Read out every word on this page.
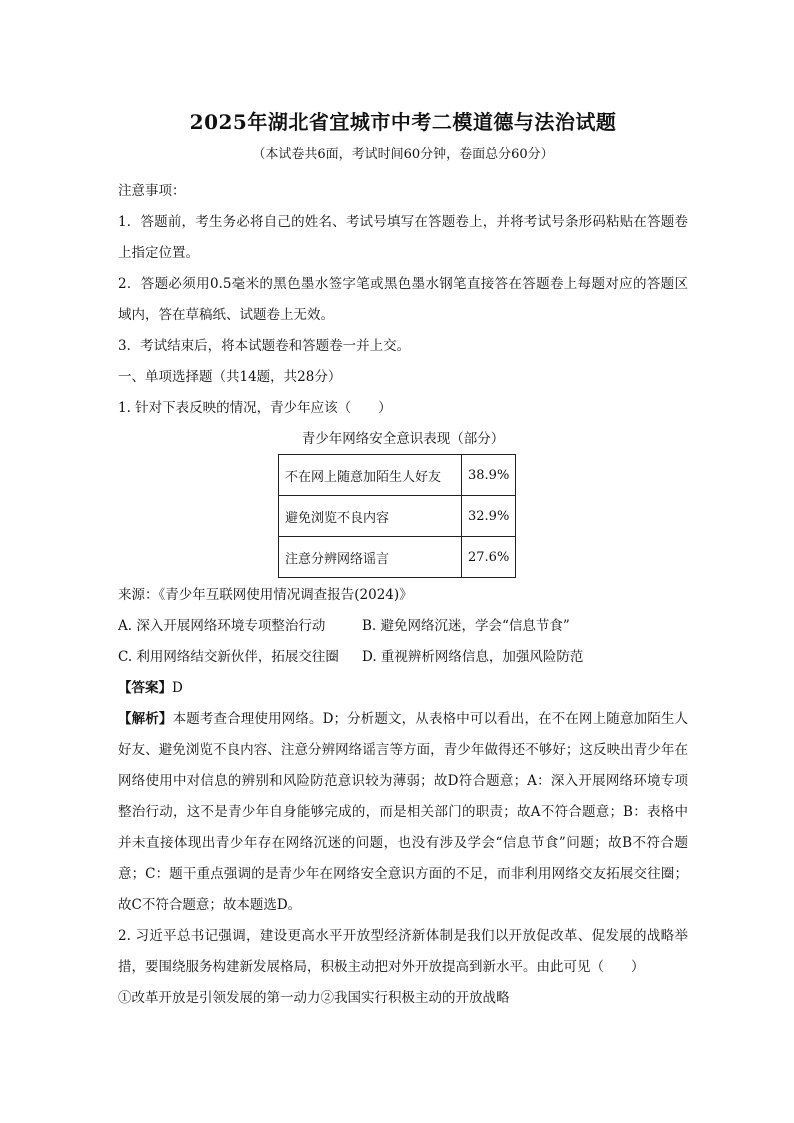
2025年湖北省宜城市中考二模道德与法治试题
（本试卷共6面，考试时间60分钟，卷面总分60分）

注意事项：

1．答题前，考生务必将自己的姓名、考试号填写在答题卷上，并将考试号条形码粘贴在答题卷上指定位置。

2．答题必须用0.5毫米的黑色墨水签字笔或黑色墨水钢笔直接答在答题卷上每题对应的答题区域内，答在草稿纸、试题卷上无效。

3．考试结束后，将本试题卷和答题卷一并上交。

一、单项选择题（共14题，共28分）

1. 针对下表反映的情况，青少年应该（　　）

青少年网络安全意识表现（部分）
不在网上随意加陌生人好友	38.9%
避免浏览不良内容	32.9%
注意分辨网络谣言	27.6%

来源：《青少年互联网使用情况调查报告(2024)》

A. 深入开展网络环境专项整治行动	B. 避免网络沉迷，学会“信息节食”
C. 利用网络结交新伙伴，拓展交往圈	D. 重视辨析网络信息，加强风险防范

【答案】D

【解析】本题考查合理使用网络。D；分析题文，从表格中可以看出，在不在网上随意加陌生人好友、避免浏览不良内容、注意分辨网络谣言等方面，青少年做得还不够好；这反映出青少年在网络使用中对信息的辨别和风险防范意识较为薄弱；故D符合题意；A：深入开展网络环境专项整治行动，这不是青少年自身能够完成的，而是相关部门的职责；故A不符合题意；B：表格中并未直接体现出青少年存在网络沉迷的问题，也没有涉及学会“信息节食”问题；故B不符合题意；C：题干重点强调的是青少年在网络安全意识方面的不足，而非利用网络交友拓展交往圈；故C不符合题意；故本题选D。

2. 习近平总书记强调，建设更高水平开放型经济新体制是我们以开放促改革、促发展的战略举措，要围绕服务构建新发展格局，积极主动把对外开放提高到新水平。由此可见（　　）

①改革开放是引领发展的第一动力②我国实行积极主动的开放战略
